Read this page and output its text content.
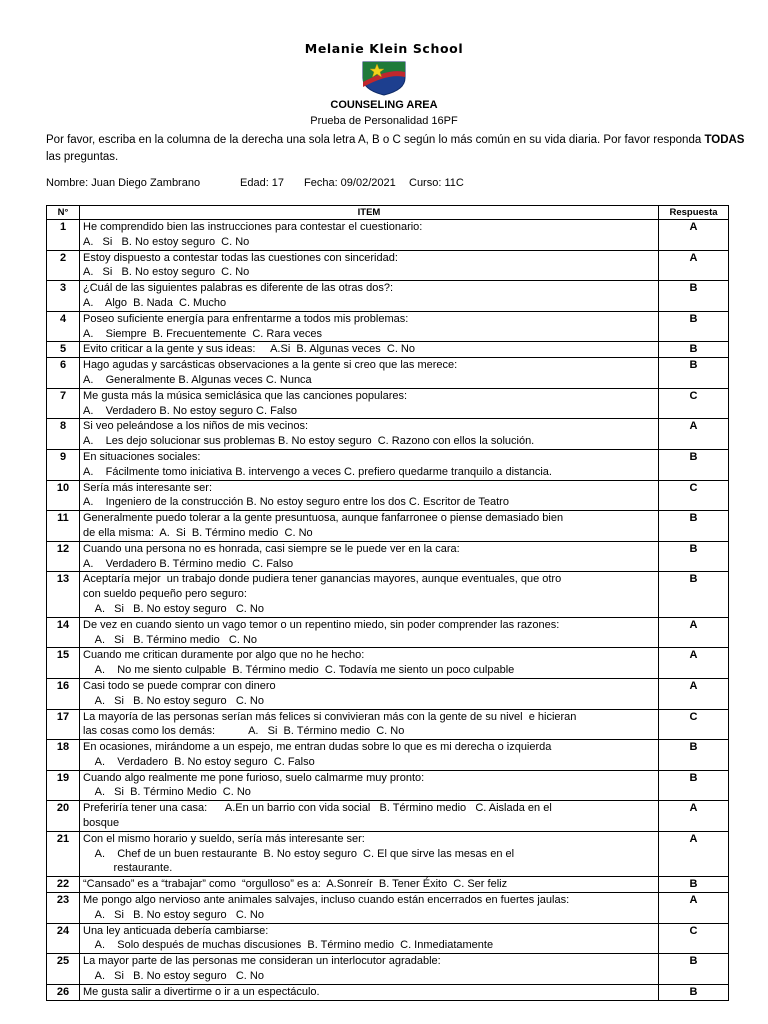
Melanie Klein School
COUNSELING AREA
Prueba de Personalidad 16PF
Por favor, escriba en la columna de la derecha una sola letra A, B o C según lo más común en su vida diaria. Por favor responda TODAS las preguntas.
Nombre: Juan Diego Zambrano	Edad: 17 Fecha: 09/02/2021 Curso: 11C
N°	ITEM	Respuesta
1	He comprendido bien las instrucciones para contestar el cuestionario:
A.   Si   B. No estoy seguro  C. No	A
2	Estoy dispuesto a contestar todas las cuestiones con sinceridad:
A.   Si   B. No estoy seguro  C. No	A
3	¿Cuál de las siguientes palabras es diferente de las otras dos?:
A.    Algo  B. Nada  C. Mucho	B
4	Poseo suficiente energía para enfrentarme a todos mis problemas:
A.    Siempre  B. Frecuentemente  C. Rara veces	B
5	Evito criticar a la gente y sus ideas:     A.Si  B. Algunas veces  C. No	B
6	Hago agudas y sarcásticas observaciones a la gente si creo que las merece:
A.    Generalmente B. Algunas veces C. Nunca	B
7	Me gusta más la música semiclásica que las canciones populares:
A.    Verdadero B. No estoy seguro C. Falso	C
8	Si veo peleándose a los niños de mis vecinos:
A.    Les dejo solucionar sus problemas B. No estoy seguro  C. Razono con ellos la solución.	A
9	En situaciones sociales:
A.    Fácilmente tomo iniciativa B. intervengo a veces C. prefiero quedarme tranquilo a distancia.	B
10	Sería más interesante ser:
A.    Ingeniero de la construcción B. No estoy seguro entre los dos C. Escritor de Teatro	C
11	Generalmente puedo tolerar a la gente presuntuosa, aunque fanfarronee o piense demasiado bien
de ella misma:  A.  Si  B. Término medio  C. No	B
12	Cuando una persona no es honrada, casi siempre se le puede ver en la cara:
A.    Verdadero B. Término medio  C. Falso	B
13	Aceptaría mejor  un trabajo donde pudiera tener ganancias mayores, aunque eventuales, que otro
con sueldo pequeño pero seguro:
A.   Si   B. No estoy seguro   C. No	B
14	De vez en cuando siento un vago temor o un repentino miedo, sin poder comprender las razones:
A.   Si   B. Término medio   C. No	A
15	Cuando me critican duramente por algo que no he hecho:
A.    No me siento culpable  B. Término medio  C. Todavía me siento un poco culpable	A
16	Casi todo se puede comprar con dinero
A.   Si   B. No estoy seguro   C. No	A
17	La mayoría de las personas serían más felices si convivieran más con la gente de su nivel  e hicieran
las cosas como los demás:           A.   Si  B. Término medio  C. No	C
18	En ocasiones, mirándome a un espejo, me entran dudas sobre lo que es mi derecha o izquierda
A.    Verdadero  B. No estoy seguro  C. Falso	B
19	Cuando algo realmente me pone furioso, suelo calmarme muy pronto:
A.   Si  B. Término Medio  C. No	B
20	Preferiría tener una casa:      A.En un barrio con vida social   B. Término medio   C. Aislada en el
bosque	A
21	Con el mismo horario y sueldo, sería más interesante ser:
A.    Chef de un buen restaurante  B. No estoy seguro  C. El que sirve las mesas en el
restaurante.	A
22	“Cansado” es a “trabajar” como  “orgulloso” es a:  A.Sonreír  B. Tener Éxito  C. Ser feliz	B
23	Me pongo algo nervioso ante animales salvajes, incluso cuando están encerrados en fuertes jaulas:
A.   Si   B. No estoy seguro   C. No	A
24	Una ley anticuada debería cambiarse:
A.    Solo después de muchas discusiones  B. Término medio  C. Inmediatamente	C
25	La mayor parte de las personas me consideran un interlocutor agradable:
A.   Si   B. No estoy seguro   C. No	B
26	Me gusta salir a divertirme o ir a un espectáculo.	B
